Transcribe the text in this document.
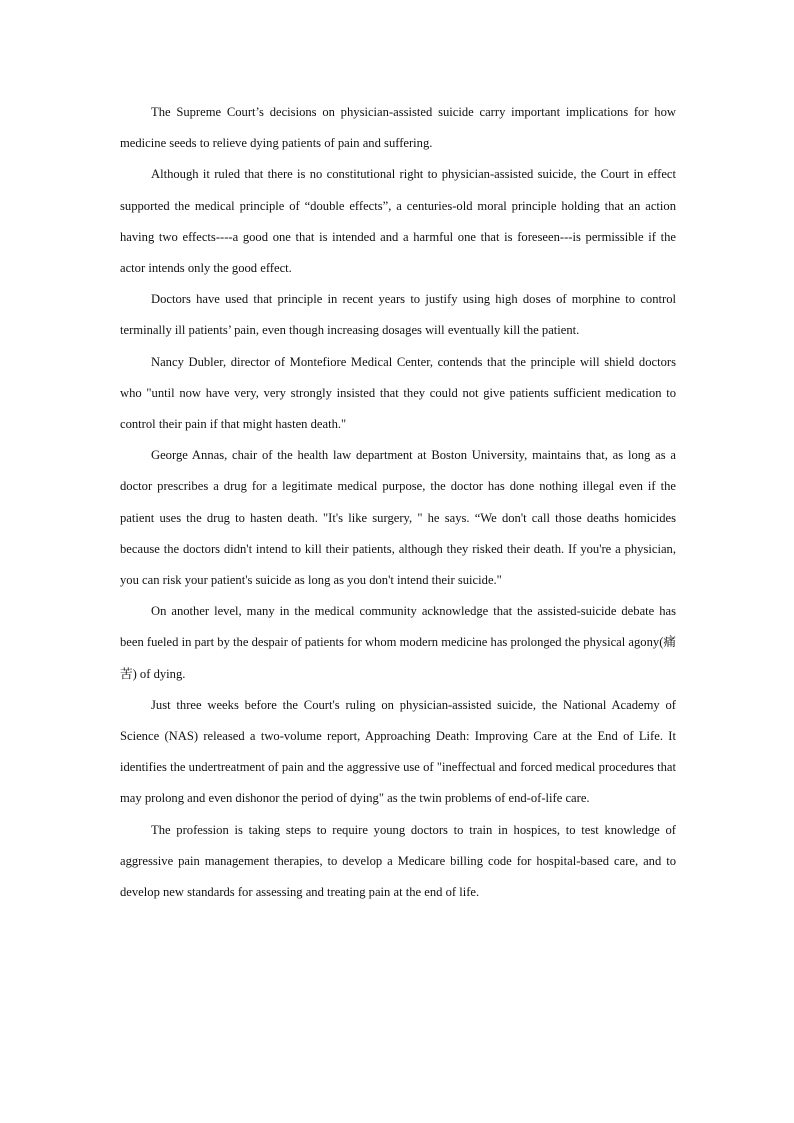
The Supreme Court’s decisions on physician-assisted suicide carry important implications for how medicine seeds to relieve dying patients of pain and suffering.

Although it ruled that there is no constitutional right to physician-assisted suicide, the Court in effect supported the medical principle of “double effects”, a centuries-old moral principle holding that an action having two effects----a good one that is intended and a harmful one that is foreseen---is permissible if the actor intends only the good effect.

Doctors have used that principle in recent years to justify using high doses of morphine to control terminally ill patients’ pain, even though increasing dosages will eventually kill the patient.

Nancy Dubler, director of Montefiore Medical Center, contends that the principle will shield doctors who "until now have very, very strongly insisted that they could not give patients sufficient medication to control their pain if that might hasten death."

George Annas, chair of the health law department at Boston University, maintains that, as long as a doctor prescribes a drug for a legitimate medical purpose, the doctor has done nothing illegal even if the patient uses the drug to hasten death. "It's like surgery, " he says. “We don't call those deaths homicides because the doctors didn't intend to kill their patients, although they risked their death. If you're a physician, you can risk your patient's suicide as long as you don't intend their suicide."

On another level, many in the medical community acknowledge that the assisted-suicide debate has been fueled in part by the despair of patients for whom modern medicine has prolonged the physical agony(痛苦) of dying.

Just three weeks before the Court's ruling on physician-assisted suicide, the National Academy of Science (NAS) released a two-volume report, Approaching Death: Improving Care at the End of Life. It identifies the undertreatment of pain and the aggressive use of "ineffectual and forced medical procedures that may prolong and even dishonor the period of dying" as the twin problems of end-of-life care.

The profession is taking steps to require young doctors to train in hospices, to test knowledge of aggressive pain management therapies, to develop a Medicare billing code for hospital-based care, and to develop new standards for assessing and treating pain at the end of life.
